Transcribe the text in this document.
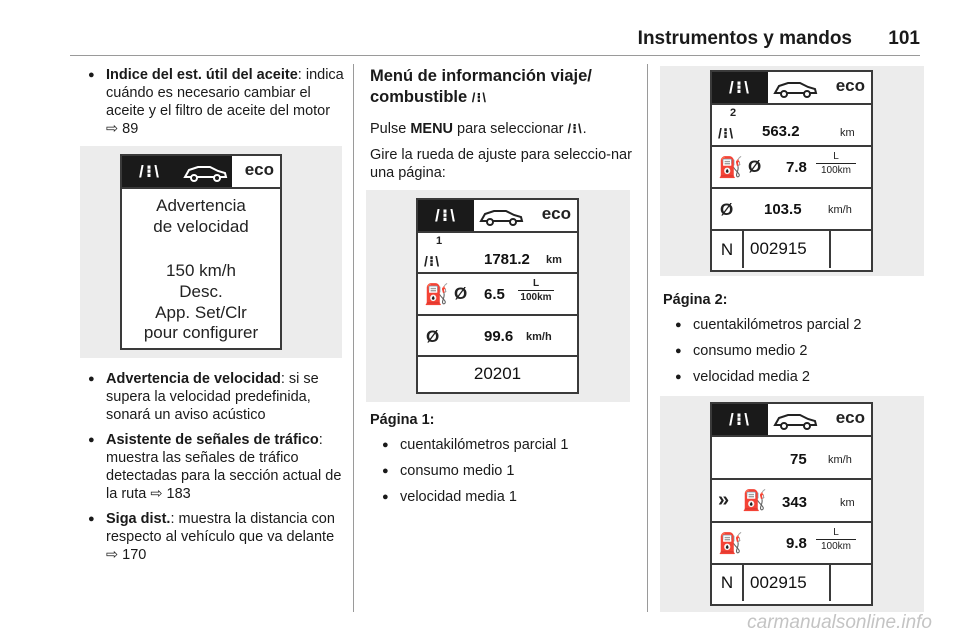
Instrumentos y mandos 101
● Indice del est. útil del aceite: indica cuándo es necesario cambiar el aceite y el filtro de aceite del motor ⇨ 89
/⁝\	eco
Advertencia
de velocidad
150 km/h
Desc.
App. Set/Clr
pour configurer
● Advertencia de velocidad: si se supera la velocidad predefinida, sonará un aviso acústico
● Asistente de señales de tráfico: muestra las señales de tráfico detectadas para la sección actual de la ruta ⇨ 183
● Siga dist.: muestra la distancia con respecto al vehículo que va delante ⇨ 170
Menú de informanción viaje/ combustible /⁝\
Pulse MENU para seleccionar /⁝\.
Gire la rueda de ajuste para seleccio-nar una página:
/⁝\	eco
/⁝\
1
1781.2 km
⛽ Ø $6.5 \frac{L}{100km}$
Ø	99.6 km/h
20201
Página 1:
● cuentakilómetros parcial 1
● consumo medio 1
● velocidad media 1
/⁝\	eco
/⁝\
2
563.2	km
⛽ Ø $7.8 \frac{L}{100km}$
Ø 103.5 km/h
N 002915
Página 2:
● cuentakilómetros parcial 2
● consumo medio 2
● velocidad media 2
/⁝\	eco
75 km/h
» ⛽ 343	km
⛽	$9.8 \frac{L}{100km}$
N 002915
carmanualsonline.info
